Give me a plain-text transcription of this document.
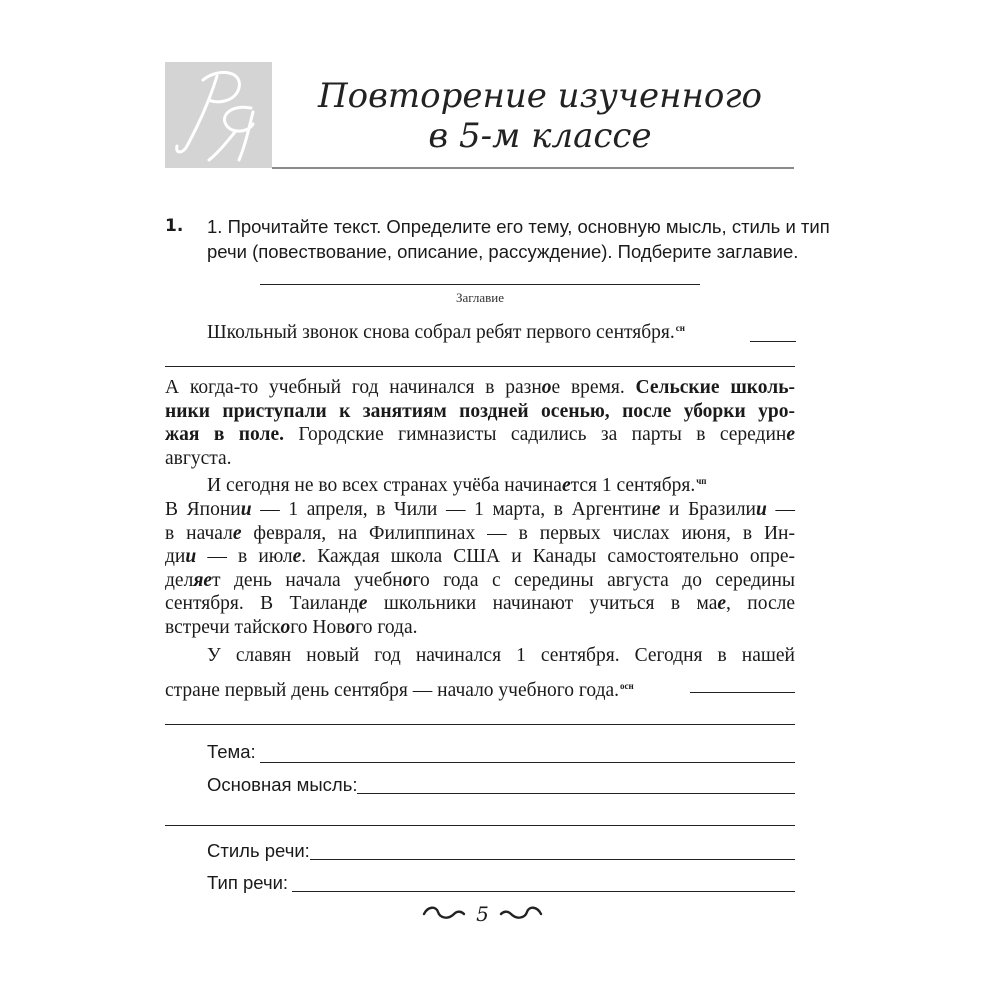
Повторение изученного
в 5-м классе
1. 1. Прочитайте текст. Определите его тему, основную мысль, стиль и тип
речи (повествование, описание, рассуждение). Подберите заглавие.
Заглавие
Школьный звонок снова собрал ребят первого сентября.$^{сн}$
А когда-то учебный год начинался в разное время. Сельские школь-
ники приступали к занятиям поздней осенью, после уборки уро-
жая в поле. Городские гимназисты садились за парты в середине
августа.
И сегодня не во всех странах учёба начинается 1 сентября.$^{чп}$
В Японии — 1 апреля, в Чили — 1 марта, в Аргентине и Бразилии —
в начале февраля, на Филиппинах — в первых числах июня, в Ин-
дии — в июле. Каждая школа США и Канады самостоятельно опре-
деляет день начала учебного года с середины августа до середины
сентября. В Таиланде школьники начинают учиться в мае, после
встречи тайского Нового года.
У славян новый год начинался 1 сентября. Сегодня в нашей
стране первый день сентября — начало учебного года.$^{осн}$
Тема:
Основная мысль:
Стиль речи:
Тип речи:
5
